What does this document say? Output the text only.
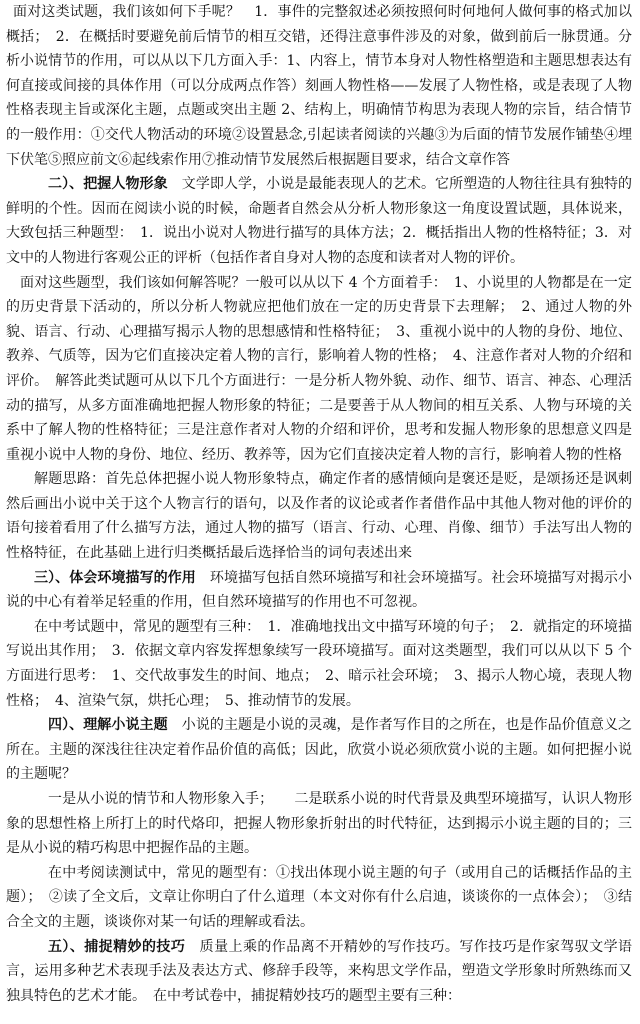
面对这类试题，我们该如何下手呢？　1．事件的完整叙述必须按照何时何地何人做何事的格式加以概括；　2．在概括时要避免前后情节的相互交错，还得注意事件涉及的对象，做到前后一脉贯通。分析小说情节的作用，可以从以下几方面入手：1、内容上，情节本身对人物性格塑造和主题思想表达有何直接或间接的具体作用（可以分成两点作答）刻画人物性格——发展了人物性格，或是表现了人物性格表现主旨或深化主题，点题或突出主题 2、结构上，明确情节构思为表现人物的宗旨，结合情节的一般作用：①交代人物活动的环境②设置悬念,引起读者阅读的兴趣③为后面的情节发展作铺垫④埋下伏笔⑤照应前文⑥起线索作用⑦推动情节发展然后根据题目要求，结合文章作答

二）、把握人物形象　文学即人学，小说是最能表现人的艺术。它所塑造的人物往往具有独特的鲜明的个性。因而在阅读小说的时候，命题者自然会从分析人物形象这一角度设置试题，具体说来，大致包括三种题型：　1．说出小说对人物进行描写的具体方法；2．概括指出人物的性格特征；3．对文中的人物进行客观公正的评析（包括作者自身对人物的态度和读者对人物的评价。

面对这些题型，我们该如何解答呢？一般可以从以下 4 个方面着手：　1、小说里的人物都是在一定的历史背景下活动的，所以分析人物就应把他们放在一定的历史背景下去理解；　2、通过人物的外貌、语言、行动、心理描写揭示人物的思想感情和性格特征；　3、重视小说中的人物的身份、地位、教养、气质等，因为它们直接决定着人物的言行，影响着人物的性格；　4、注意作者对人物的介绍和评价。　解答此类试题可从以下几个方面进行：一是分析人物外貌、动作、细节、语言、神态、心理活动的描写，从多方面准确地把握人物形象的特征；二是要善于从人物间的相互关系、人物与环境的关系中了解人物的性格特征；三是注意作者对人物的介绍和评价，思考和发掘人物形象的思想意义四是重视小说中人物的身份、地位、经历、教养等，因为它们直接决定着人物的言行，影响着人物的性格

解题思路：首先总体把握小说人物形象特点，确定作者的感情倾向是褒还是贬，是颂扬还是讽刺然后画出小说中关于这个人物言行的语句，以及作者的议论或者作者借作品中其他人物对他的评价的语句接着看用了什么描写方法，通过人物的描写（语言、行动、心理、肖像、细节）手法写出人物的性格特征，在此基础上进行归类概括最后选择恰当的词句表述出来

三）、体会环境描写的作用　环境描写包括自然环境描写和社会环境描写。社会环境描写对揭示小说的中心有着举足轻重的作用，但自然环境描写的作用也不可忽视。

在中考试题中，常见的题型有三种：　1．准确地找出文中描写环境的句子；　2．就指定的环境描写说出其作用；　3．依据文章内容发挥想象续写一段环境描写。面对这类题型，我们可以从以下 5 个方面进行思考：　1、交代故事发生的时间、地点；　2、暗示社会环境；　3、揭示人物心境，表现人物性格；　4、渲染气氛，烘托心理；　5、推动情节的发展。

四）、理解小说主题　小说的主题是小说的灵魂，是作者写作目的之所在，也是作品价值意义之所在。主题的深浅往往决定着作品价值的高低；因此，欣赏小说必须欣赏小说的主题。如何把握小说的主题呢？

一是从小说的情节和人物形象入手；　　二是联系小说的时代背景及典型环境描写，认识人物形象的思想性格上所打上的时代烙印，把握人物形象折射出的时代特征，达到揭示小说主题的目的；三是从小说的精巧构思中把握作品的主题。

在中考阅读测试中，常见的题型有：①找出体现小说主题的句子（或用自己的话概括作品的主题）；　②读了全文后，文章让你明白了什么道理（本文对你有什么启迪，谈谈你的一点体会）；　③结合全文的主题，谈谈你对某一句话的理解或看法。

五）、捕捉精妙的技巧　质量上乘的作品离不开精妙的写作技巧。写作技巧是作家驾驭文学语言，运用多种艺术表现手法及表达方式、修辞手段等，来构思文学作品，塑造文学形象时所熟练而又独具特色的艺术才能。　在中考试卷中，捕捉精妙技巧的题型主要有三种：
